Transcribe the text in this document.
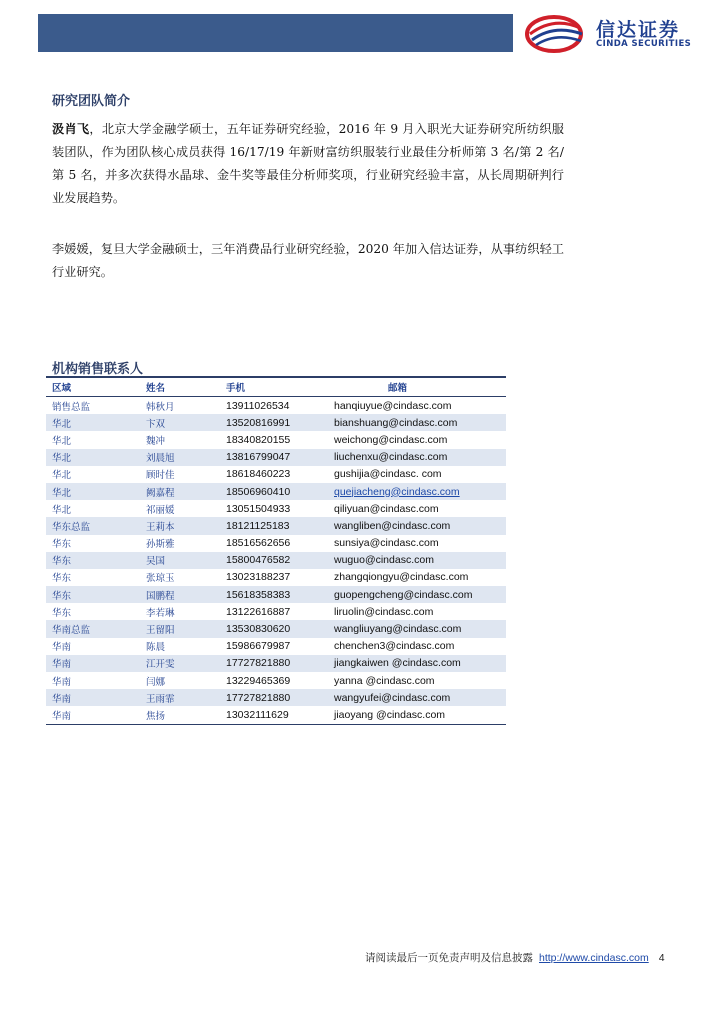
信达证券
CINDA SECURITIES
研究团队简介
汲肖飞，北京大学金融学硕士，五年证券研究经验，2016 年 9 月入职光大证券研究所纺织服装团队，作为团队核心成员获得 16/17/19 年新财富纺织服装行业最佳分析师第 3 名/第 2 名/第 5 名，并多次获得水晶球、金牛奖等最佳分析师奖项，行业研究经验丰富，从长周期研判行业发展趋势。
李媛媛，复旦大学金融硕士，三年消费品行业研究经验，2020 年加入信达证券，从事纺织轻工行业研究。
机构销售联系人
区域	姓名	手机	邮箱
销售总监	韩秋月	13911026534	hanqiuyue@cindasc.com
华北	卞双	13520816991	bianshuang@cindasc.com
华北	魏冲	18340820155	weichong@cindasc.com
华北	刘晨旭	13816799047	liuchenxu@cindasc.com
华北	顾时佳	18618460223	gushijia@cindasc. com
华北	阙嘉程	18506960410	quejiacheng@cindasc.com
华北	祁丽媛	13051504933	qiliyuan@cindasc.com
华东总监	王莉本	18121125183	wangliben@cindasc.com
华东	孙斯雅	18516562656	sunsiya@cindasc.com
华东	吴国	15800476582	wuguo@cindasc.com
华东	张琼玉	13023188237	zhangqiongyu@cindasc.com
华东	国鹏程	15618358383	guopengcheng@cindasc.com
华东	李若琳	13122616887	liruolin@cindasc.com
华南总监	王留阳	13530830620	wangliuyang@cindasc.com
华南	陈晨	15986679987	chenchen3@cindasc.com
华南	江开雯	17727821880	jiangkaiwen @cindasc.com
华南	闫娜	13229465369	yanna @cindasc.com
华南	王雨霏	17727821880	wangyufei@cindasc.com
华南	焦扬	13032111629	jiaoyang @cindasc.com
请阅读最后一页免责声明及信息披露 http://www.cindasc.com 4
